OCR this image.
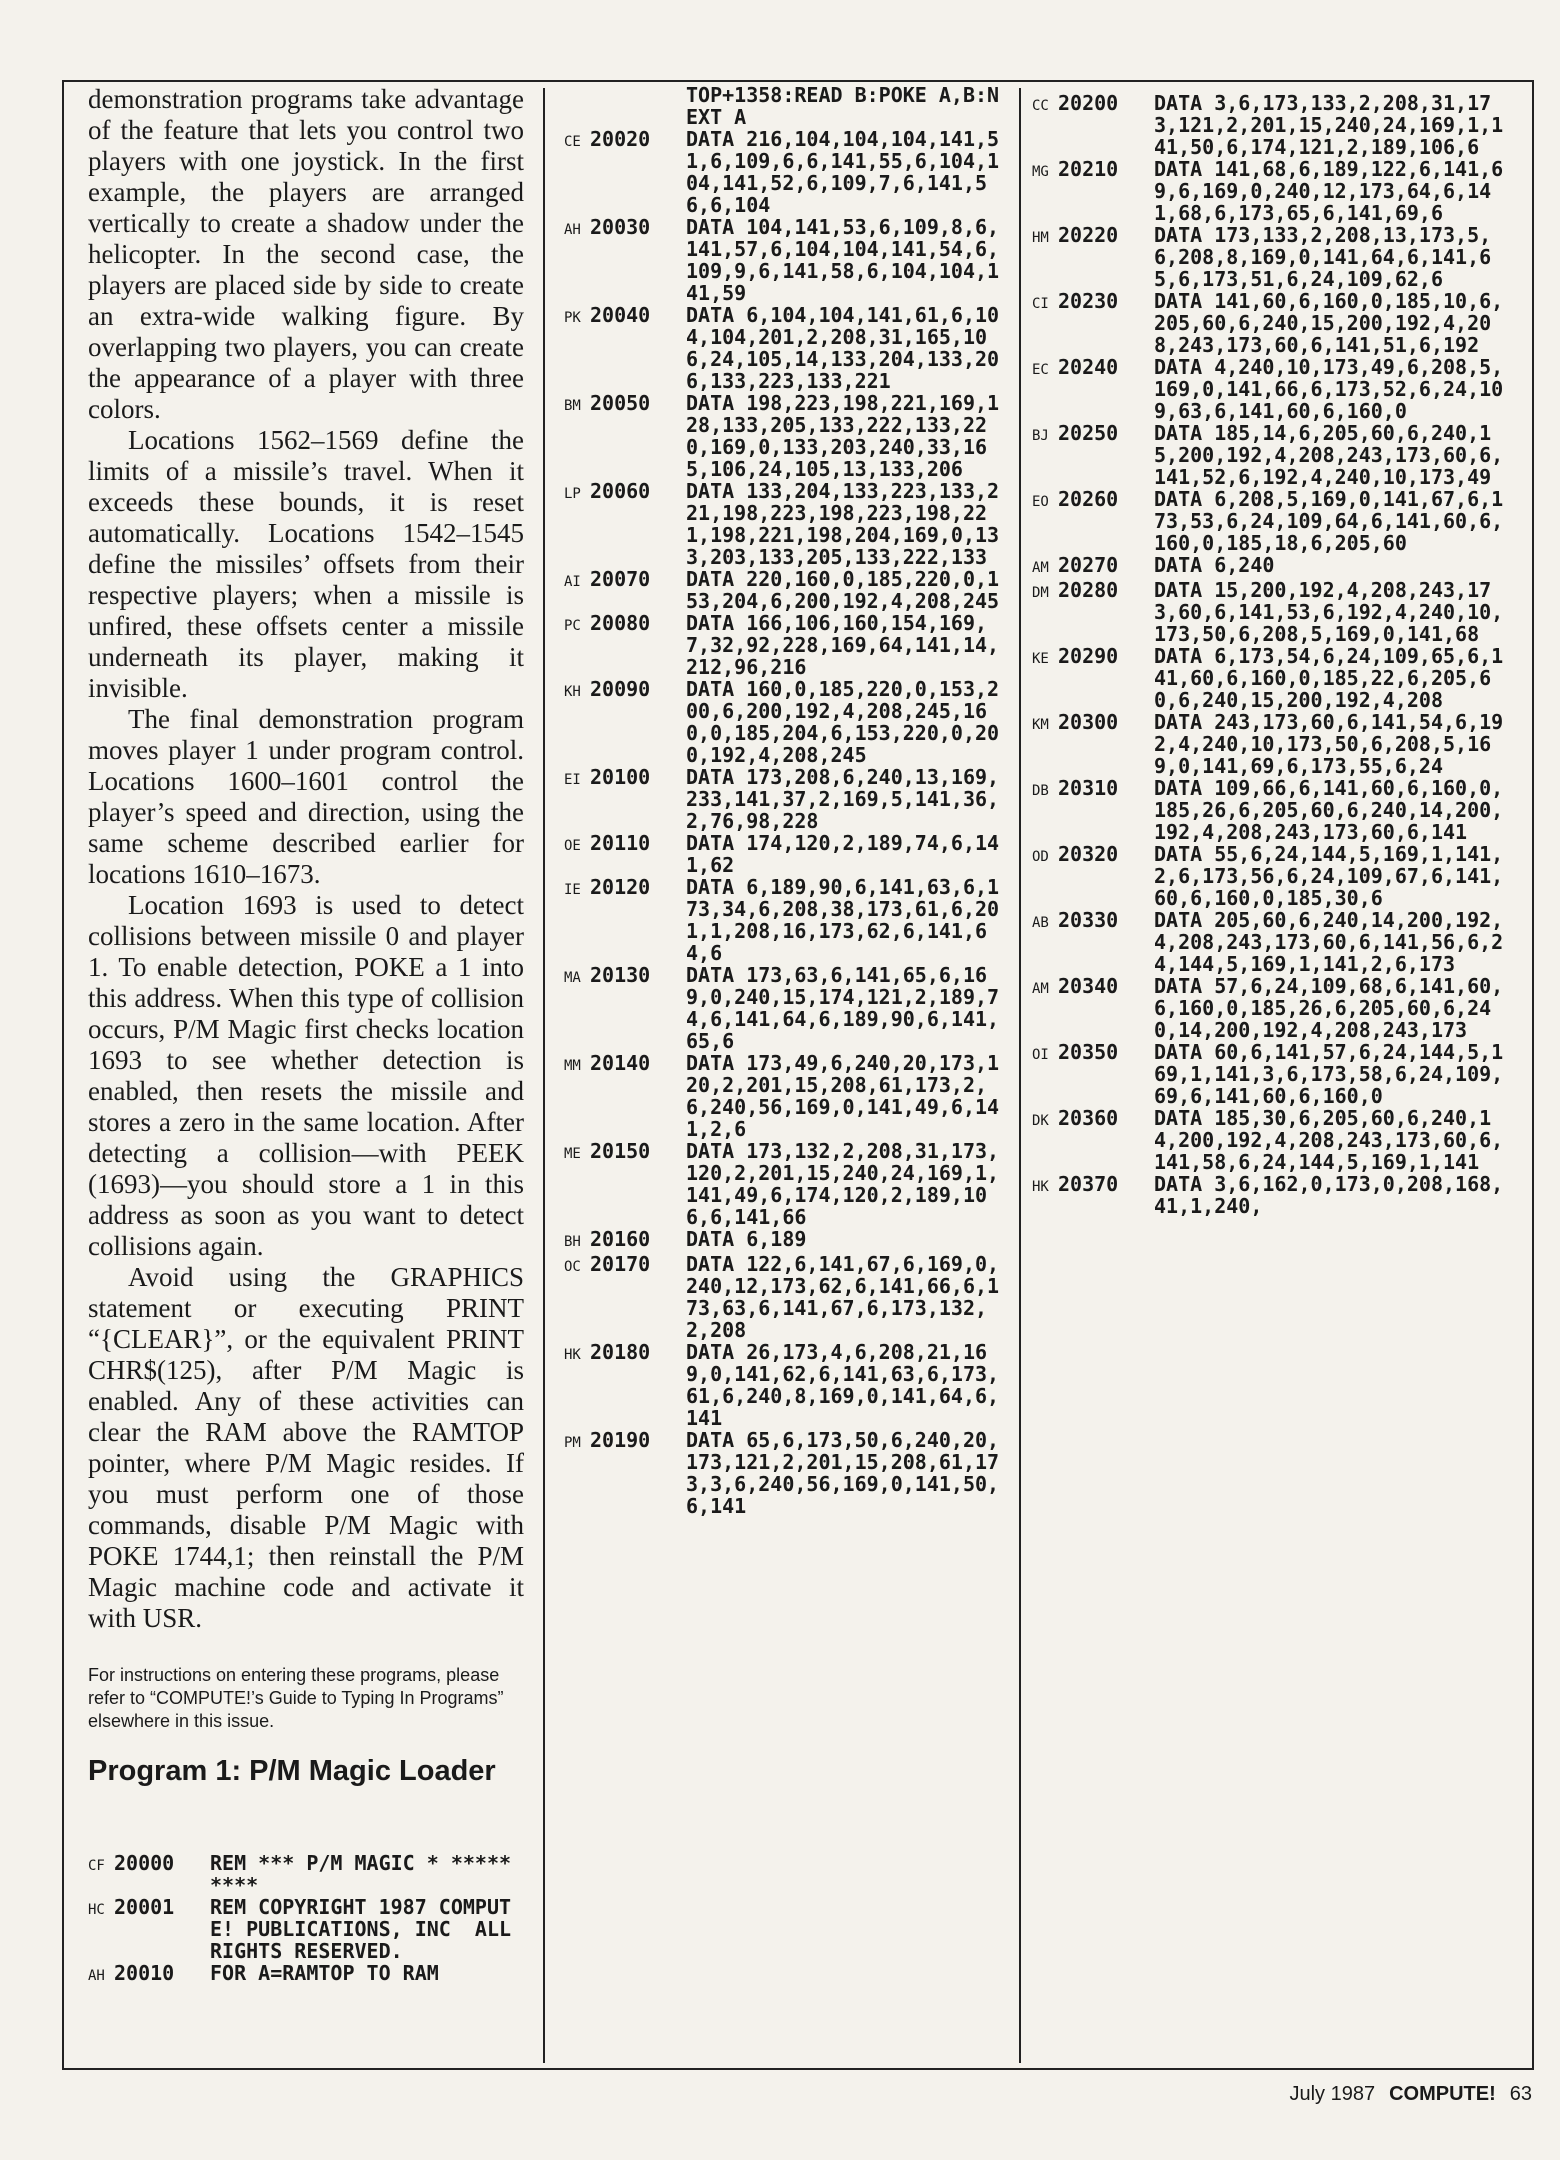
demonstration programs take advantage of the feature that lets you control two players with one joystick. In the first example, the players are arranged vertically to create a shadow under the helicopter. In the second case, the players are placed side by side to create an extra-wide walking figure. By overlapping two players, you can create the appearance of a player with three colors.

Locations 1562–1569 define the limits of a missile’s travel. When it exceeds these bounds, it is reset automatically. Locations 1542–1545 define the missiles’ offsets from their respective players; when a missile is unfired, these offsets center a missile underneath its player, making it invisible.

The final demonstration program moves player 1 under program control. Locations 1600–1601 control the player’s speed and direction, using the same scheme described earlier for locations 1610–1673.

Location 1693 is used to detect collisions between missile 0 and player 1. To enable detection, POKE a 1 into this address. When this type of collision occurs, P/M Magic first checks location 1693 to see whether detection is enabled, then resets the missile and stores a zero in the same location. After detecting a collision—with PEEK (1693)—you should store a 1 in this address as soon as you want to detect collisions again.

Avoid using the GRAPHICS statement or executing PRINT “{CLEAR}”, or the equivalent PRINT CHR$(125), after P/M Magic is enabled. Any of these activities can clear the RAM above the RAMTOP pointer, where P/M Magic resides. If you must perform one of those commands, disable P/M Magic with POKE 1744,1; then reinstall the P/M Magic machine code and activate it with USR.

For instructions on entering these programs, please refer to “COMPUTE!’s Guide to Typing In Programs” elsewhere in this issue.
Program 1: P/M Magic Loader
CF 20000	REM *** P/M MAGIC * *********
HC 20001	REM COPYRIGHT 1987 COMPUTE! PUBLICATIONS, INC  ALL RIGHTS RESERVED.
AH 20010	FOR A=RAMTOP TO RAM
TOP+1358:READ B:POKE A,B:NEXT A
CE 20020	DATA 216,104,104,104,141,51,6,109,6,6,141,55,6,104,104,141,52,6,109,7,6,141,56,6,104
AH 20030	DATA 104,141,53,6,109,8,6,141,57,6,104,104,141,54,6,109,9,6,141,58,6,104,104,141,59
PK 20040	DATA 6,104,104,141,61,6,104,104,201,2,208,31,165,106,24,105,14,133,204,133,206,133,223,133,221
BM 20050	DATA 198,223,198,221,169,128,133,205,133,222,133,220,169,0,133,203,240,33,165,106,24,105,13,133,206
LP 20060	DATA 133,204,133,223,133,221,198,223,198,223,198,221,198,221,198,204,169,0,133,203,133,205,133,222,133
AI 20070	DATA 220,160,0,185,220,0,153,204,6,200,192,4,208,245
PC 20080	DATA 166,106,160,154,169,7,32,92,228,169,64,141,14,212,96,216
KH 20090	DATA 160,0,185,220,0,153,200,6,200,192,4,208,245,160,0,185,204,6,153,220,0,200,192,4,208,245
EI 20100	DATA 173,208,6,240,13,169,233,141,37,2,169,5,141,36,2,76,98,228
OE 20110	DATA 174,120,2,189,74,6,141,62
IE 20120	DATA 6,189,90,6,141,63,6,173,34,6,208,38,173,61,6,201,1,208,16,173,62,6,141,64,6
MA 20130	DATA 173,63,6,141,65,6,169,0,240,15,174,121,2,189,74,6,141,64,6,189,90,6,141,65,6
MM 20140	DATA 173,49,6,240,20,173,120,2,201,15,208,61,173,2,6,240,56,169,0,141,49,6,141,2,6
ME 20150	DATA 173,132,2,208,31,173,120,2,201,15,240,24,169,1,141,49,6,174,120,2,189,106,6,141,66
BH 20160	DATA 6,189
OC 20170	DATA 122,6,141,67,6,169,0,240,12,173,62,6,141,66,6,173,63,6,141,67,6,173,132,2,208
HK 20180	DATA 26,173,4,6,208,21,169,0,141,62,6,141,63,6,173,61,6,240,8,169,0,141,64,6,141
PM 20190	DATA 65,6,173,50,6,240,20,173,121,2,201,15,208,61,173,3,6,240,56,169,0,141,50,6,141
CC 20200	DATA 3,6,173,133,2,208,31,173,121,2,201,15,240,24,169,1,141,50,6,174,121,2,189,106,6
MG 20210	DATA 141,68,6,189,122,6,141,69,6,169,0,240,12,173,64,6,141,68,6,173,65,6,141,69,6
HM 20220	DATA 173,133,2,208,13,173,5,6,208,8,169,0,141,64,6,141,65,6,173,51,6,24,109,62,6
CI 20230	DATA 141,60,6,160,0,185,10,6,205,60,6,240,15,200,192,4,208,243,173,60,6,141,51,6,192
EC 20240	DATA 4,240,10,173,49,6,208,5,169,0,141,66,6,173,52,6,24,109,63,6,141,60,6,160,0
BJ 20250	DATA 185,14,6,205,60,6,240,15,200,192,4,208,243,173,60,6,141,52,6,192,4,240,10,173,49
EO 20260	DATA 6,208,5,169,0,141,67,6,173,53,6,24,109,64,6,141,60,6,160,0,185,18,6,205,60
AM 20270	DATA 6,240
DM 20280	DATA 15,200,192,4,208,243,173,60,6,141,53,6,192,4,240,10,173,50,6,208,5,169,0,141,68
KE 20290	DATA 6,173,54,6,24,109,65,6,141,60,6,160,0,185,22,6,205,60,6,240,15,200,192,4,208
KM 20300	DATA 243,173,60,6,141,54,6,192,4,240,10,173,50,6,208,5,169,0,141,69,6,173,55,6,24
DB 20310	DATA 109,66,6,141,60,6,160,0,185,26,6,205,60,6,240,14,200,192,4,208,243,173,60,6,141
OD 20320	DATA 55,6,24,144,5,169,1,141,2,6,173,56,6,24,109,67,6,141,60,6,160,0,185,30,6
AB 20330	DATA 205,60,6,240,14,200,192,4,208,243,173,60,6,141,56,6,24,144,5,169,1,141,2,6,173
AM 20340	DATA 57,6,24,109,68,6,141,60,6,160,0,185,26,6,205,60,6,240,14,200,192,4,208,243,173
OI 20350	DATA 60,6,141,57,6,24,144,5,169,1,141,3,6,173,58,6,24,109,69,6,141,60,6,160,0
DK 20360	DATA 185,30,6,205,60,6,240,14,200,192,4,208,243,173,60,6,141,58,6,24,144,5,169,1,141
HK 20370	DATA 3,6,162,0,173,0,208,168,41,1,240,
July 1987 COMPUTE! 63
